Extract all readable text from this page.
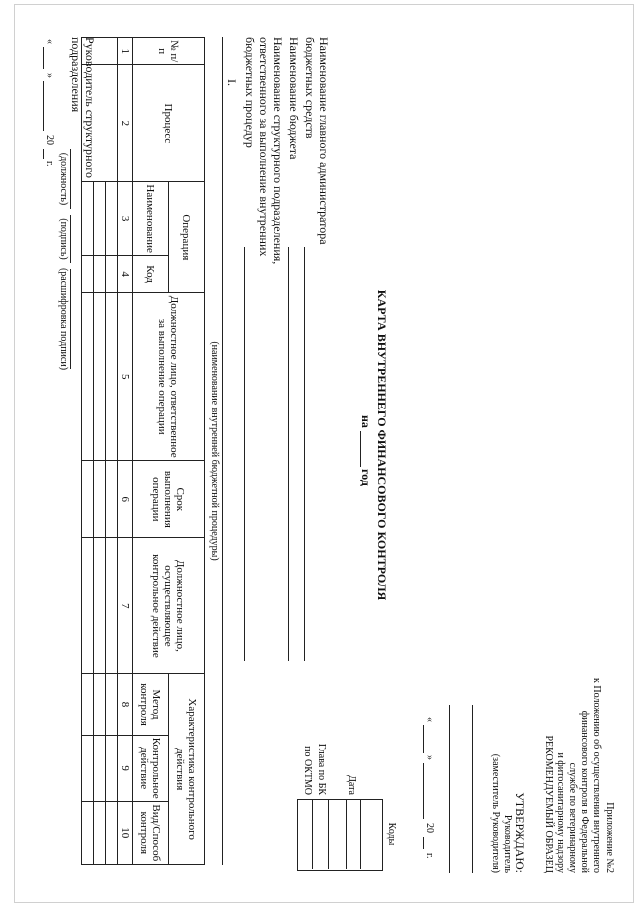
Приложение №2
к Положению об осуществлении внутреннего
финансового контроля в Федеральной
службе по ветеринарному
и фитосанитарному надзору
РЕКОМЕНДУЕМЫЙ ОБРАЗЕЦ
УТВЕРЖДАЮ:
Руководитель
(заместитель Руководителя)
«
»
20
г.
Коды
Дата
Глава по БК
по ОКТМО
КАРТА ВНУТРЕННЕГО ФИНАНСОВОГО КОНТРОЛЯ
на
год
Наименование главного администратора
бюджетных средств
Наименование бюджета
Наименование структурного подразделения,
ответственного за выполнение внутренних
бюджетных процедур
I.
(наименование внутренней бюджетной процедуры)
№ п/п	Процесс	Операция		Должностное лицо, ответственное за выполнение операции	Срок выполнения операции	Должностное лицо, осуществляющее контрольное действие	Характеристика контрольного действия		
		Наименование	Код				Метод контроля	Контрольное действие	Вид/Способ контроля
1	2	3	4	5	6	7	8	9	10

Руководитель структурного
подразделения
(должность)
(подпись)
(расшифровка подписи)
«
»
20
г.
